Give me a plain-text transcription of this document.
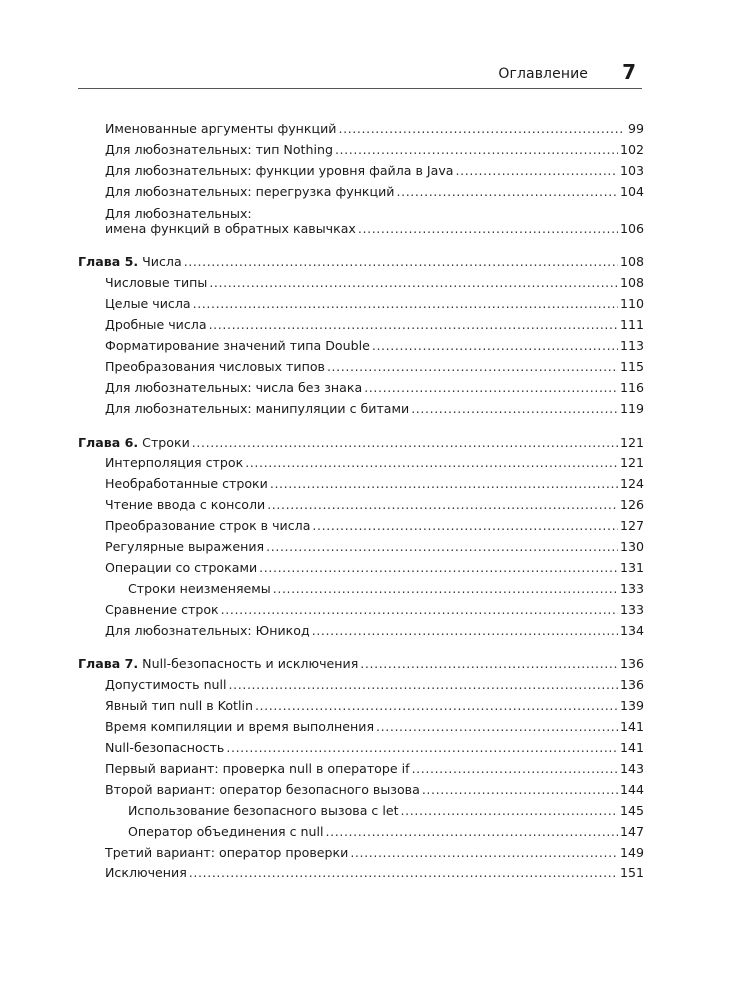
Оглавление 7
Именованные аргументы функций .....	99
Для любознательных: тип Nothing .....	102
Для любознательных: функции уровня файла в Java .....	103
Для любознательных: перегрузка функций .....	104
Для любознательных:
имена функций в обратных кавычках .....	106
Глава 5. Числа .....	108
Числовые типы .....	108
Целые числа .....	110
Дробные числа .....	111
Форматирование значений типа Double .....	113
Преобразования числовых типов .....	115
Для любознательных: числа без знака .....	116
Для любознательных: манипуляции с битами .....	119
Глава 6. Строки .....	121
Интерполяция строк .....	121
Необработанные строки .....	124
Чтение ввода с консоли .....	126
Преобразование строк в числа .....	127
Регулярные выражения .....	130
Операции со строками .....	131
Строки неизменяемы .....	133
Сравнение строк .....	133
Для любознательных: Юникод .....	134
Глава 7. Null-безопасность и исключения .....	136
Допустимость null .....	136
Явный тип null в Kotlin .....	139
Время компиляции и время выполнения .....	141
Null-безопасность .....	141
Первый вариант: проверка null в операторе if .....	143
Второй вариант: оператор безопасного вызова .....	144
Использование безопасного вызова с let .....	145
Оператор объединения с null .....	147
Третий вариант: оператор проверки .....	149
Исключения .....	151
